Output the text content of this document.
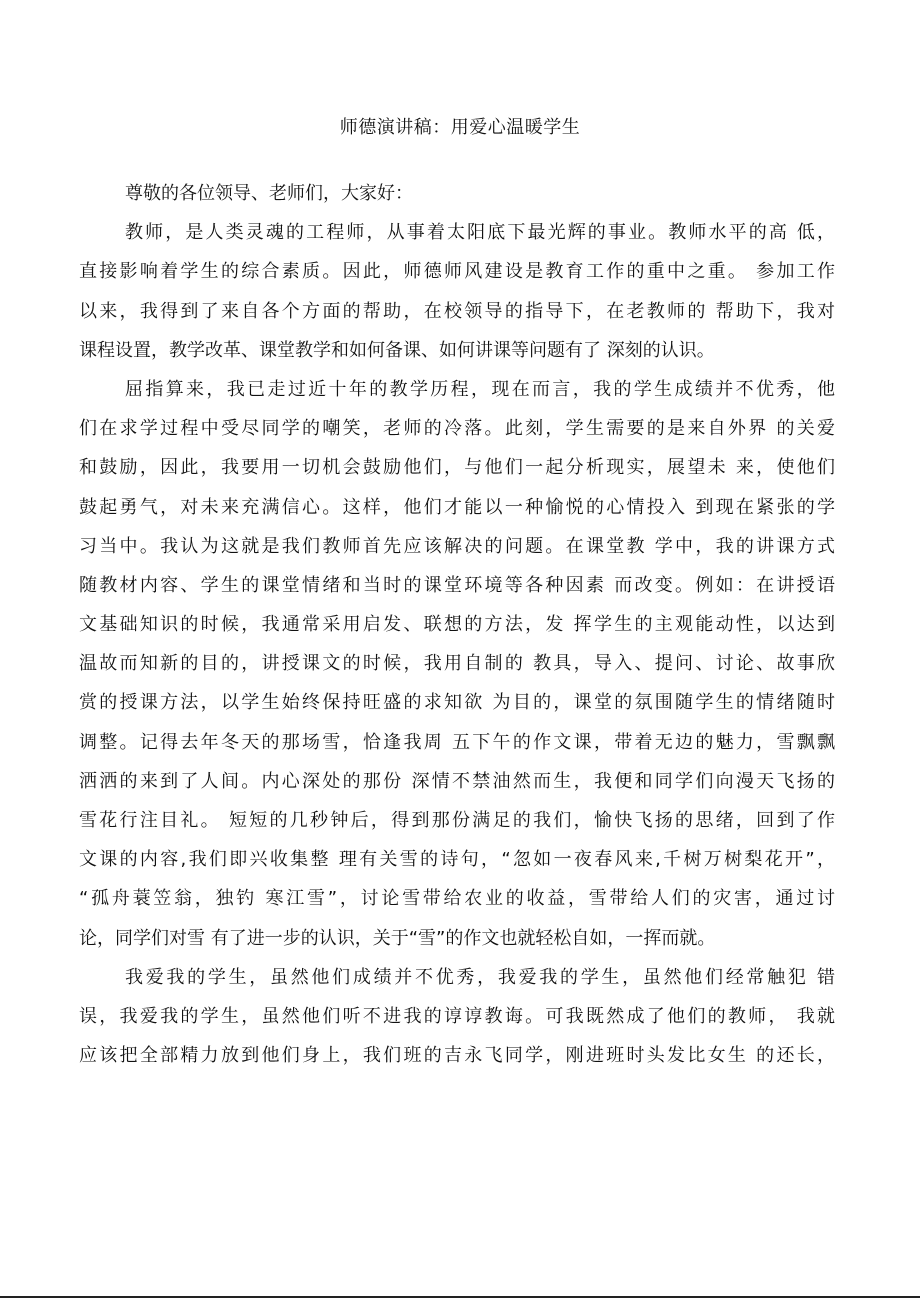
师德演讲稿：用爱心温暖学生
尊敬的各位领导、老师们，大家好：
教师，是人类灵魂的工程师，从事着太阳底下最光辉的事业。教师水平的高 低，
直接影响着学生的综合素质。因此，师德师风建设是教育工作的重中之重。 参加工作
以来，我得到了来自各个方面的帮助，在校领导的指导下，在老教师的 帮助下，我对
课程设置，教学改革、课堂教学和如何备课、如何讲课等问题有了 深刻的认识。
屈指算来，我已走过近十年的教学历程，现在而言，我的学生成绩并不优秀，他
们在求学过程中受尽同学的嘲笑，老师的冷落。此刻，学生需要的是来自外界 的关爱
和鼓励，因此，我要用一切机会鼓励他们，与他们一起分析现实，展望未 来，使他们
鼓起勇气，对未来充满信心。这样，他们才能以一种愉悦的心情投入 到现在紧张的学
习当中。我认为这就是我们教师首先应该解决的问题。在课堂教 学中，我的讲课方式
随教材内容、学生的课堂情绪和当时的课堂环境等各种因素 而改变。例如：在讲授语
文基础知识的时候，我通常采用启发、联想的方法，发 挥学生的主观能动性，以达到
温故而知新的目的，讲授课文的时候，我用自制的 教具，导入、提问、讨论、故事欣
赏的授课方法，以学生始终保持旺盛的求知欲 为目的，课堂的氛围随学生的情绪随时
调整。记得去年冬天的那场雪，恰逢我周 五下午的作文课，带着无边的魅力，雪飘飘
洒洒的来到了人间。内心深处的那份 深情不禁油然而生，我便和同学们向漫天飞扬的
雪花行注目礼。 短短的几秒钟后，得到那份满足的我们，愉快飞扬的思绪，回到了作
文课的内容,我们即兴收集整 理有关雪的诗句，“忽如一夜春风来,千树万树梨花开”，
“孤舟蓑笠翁，独钓 寒江雪”，讨论雪带给农业的收益，雪带给人们的灾害，通过讨
论，同学们对雪 有了进一步的认识，关于“雪”的作文也就轻松自如，一挥而就。
我爱我的学生，虽然他们成绩并不优秀，我爱我的学生，虽然他们经常触犯 错
误，我爱我的学生，虽然他们听不进我的谆谆教诲。可我既然成了他们的教师， 我就
应该把全部精力放到他们身上，我们班的吉永飞同学，刚进班时头发比女生 的还长，
